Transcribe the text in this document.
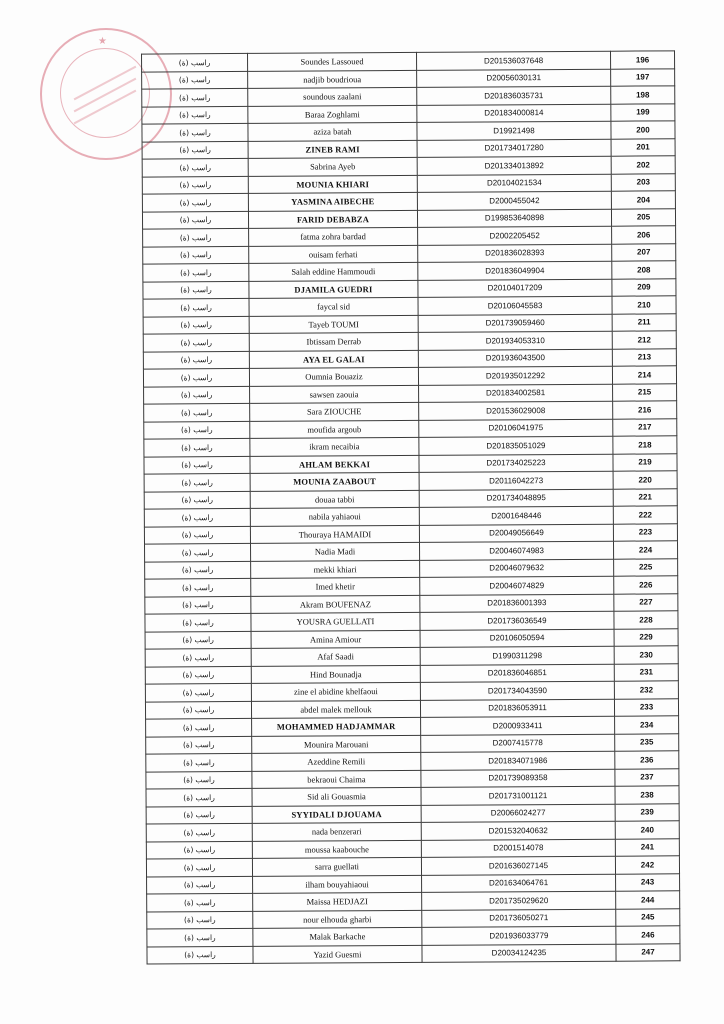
★
راسب (ة)	Soundes Lassoued	D201536037648	196
راسب (ة)	nadjib boudrioua	D20056030131	197
راسب (ة)	soundous zaalani	D201836035731	198
راسب (ة)	Baraa Zoghlami	D201834000814	199
راسب (ة)	aziza batah	D19921498	200
راسب (ة)	ZINEB RAMI	D201734017280	201
راسب (ة)	Sabrina Ayeb	D201334013892	202
راسب (ة)	MOUNIA KHIARI	D20104021534	203
راسب (ة)	YASMINA AIBECHE	D2000455042	204
راسب (ة)	FARID DEBABZA	D199853640898	205
راسب (ة)	fatma zohra bardad	D2002205452	206
راسب (ة)	ouisam ferhati	D201836028393	207
راسب (ة)	Salah eddine Hammoudi	D201836049904	208
راسب (ة)	DJAMILA GUEDRI	D20104017209	209
راسب (ة)	faycal sid	D20106045583	210
راسب (ة)	Tayeb TOUMI	D201739059460	211
راسب (ة)	Ibtissam Derrab	D201934053310	212
راسب (ة)	AYA EL GALAI	D201936043500	213
راسب (ة)	Oumnia Bouaziz	D201935012292	214
راسب (ة)	sawsen zaouia	D201834002581	215
راسب (ة)	Sara ZIOUCHE	D201536029008	216
راسب (ة)	moufida argoub	D20106041975	217
راسب (ة)	ikram necaibia	D201835051029	218
راسب (ة)	AHLAM BEKKAI	D201734025223	219
راسب (ة)	MOUNIA ZAABOUT	D20116042273	220
راسب (ة)	douaa tabbi	D201734048895	221
راسب (ة)	nabila yahiaoui	D2001648446	222
راسب (ة)	Thouraya HAMAIDI	D20049056649	223
راسب (ة)	Nadia Madi	D20046074983	224
راسب (ة)	mekki khiari	D20046079632	225
راسب (ة)	Imed khetir	D20046074829	226
راسب (ة)	Akram BOUFENAZ	D201836001393	227
راسب (ة)	YOUSRA GUELLATI	D201736036549	228
راسب (ة)	Amina Amiour	D20106050594	229
راسب (ة)	Afaf Saadi	D1990311298	230
راسب (ة)	Hind Bounadja	D201836046851	231
راسب (ة)	zine el abidine khelfaoui	D201734043590	232
راسب (ة)	abdel malek mellouk	D201836053911	233
راسب (ة)	MOHAMMED HADJAMMAR	D2000933411	234
راسب (ة)	Mounira Marouani	D2007415778	235
راسب (ة)	Azeddine Remili	D201834071986	236
راسب (ة)	bekraoui Chaima	D201739089358	237
راسب (ة)	Sid ali Gouasmia	D201731001121	238
راسب (ة)	SYYIDALI DJOUAMA	D20066024277	239
راسب (ة)	nada benzerari	D201532040632	240
راسب (ة)	moussa kaabouche	D2001514078	241
راسب (ة)	sarra guellati	D201636027145	242
راسب (ة)	ilham bouyahiaoui	D201634064761	243
راسب (ة)	Maissa HEDJAZI	D201735029620	244
راسب (ة)	nour elhouda gharbi	D201736050271	245
راسب (ة)	Malak Barkache	D201936033779	246
راسب (ة)	Yazid Guesmi	D20034124235	247
